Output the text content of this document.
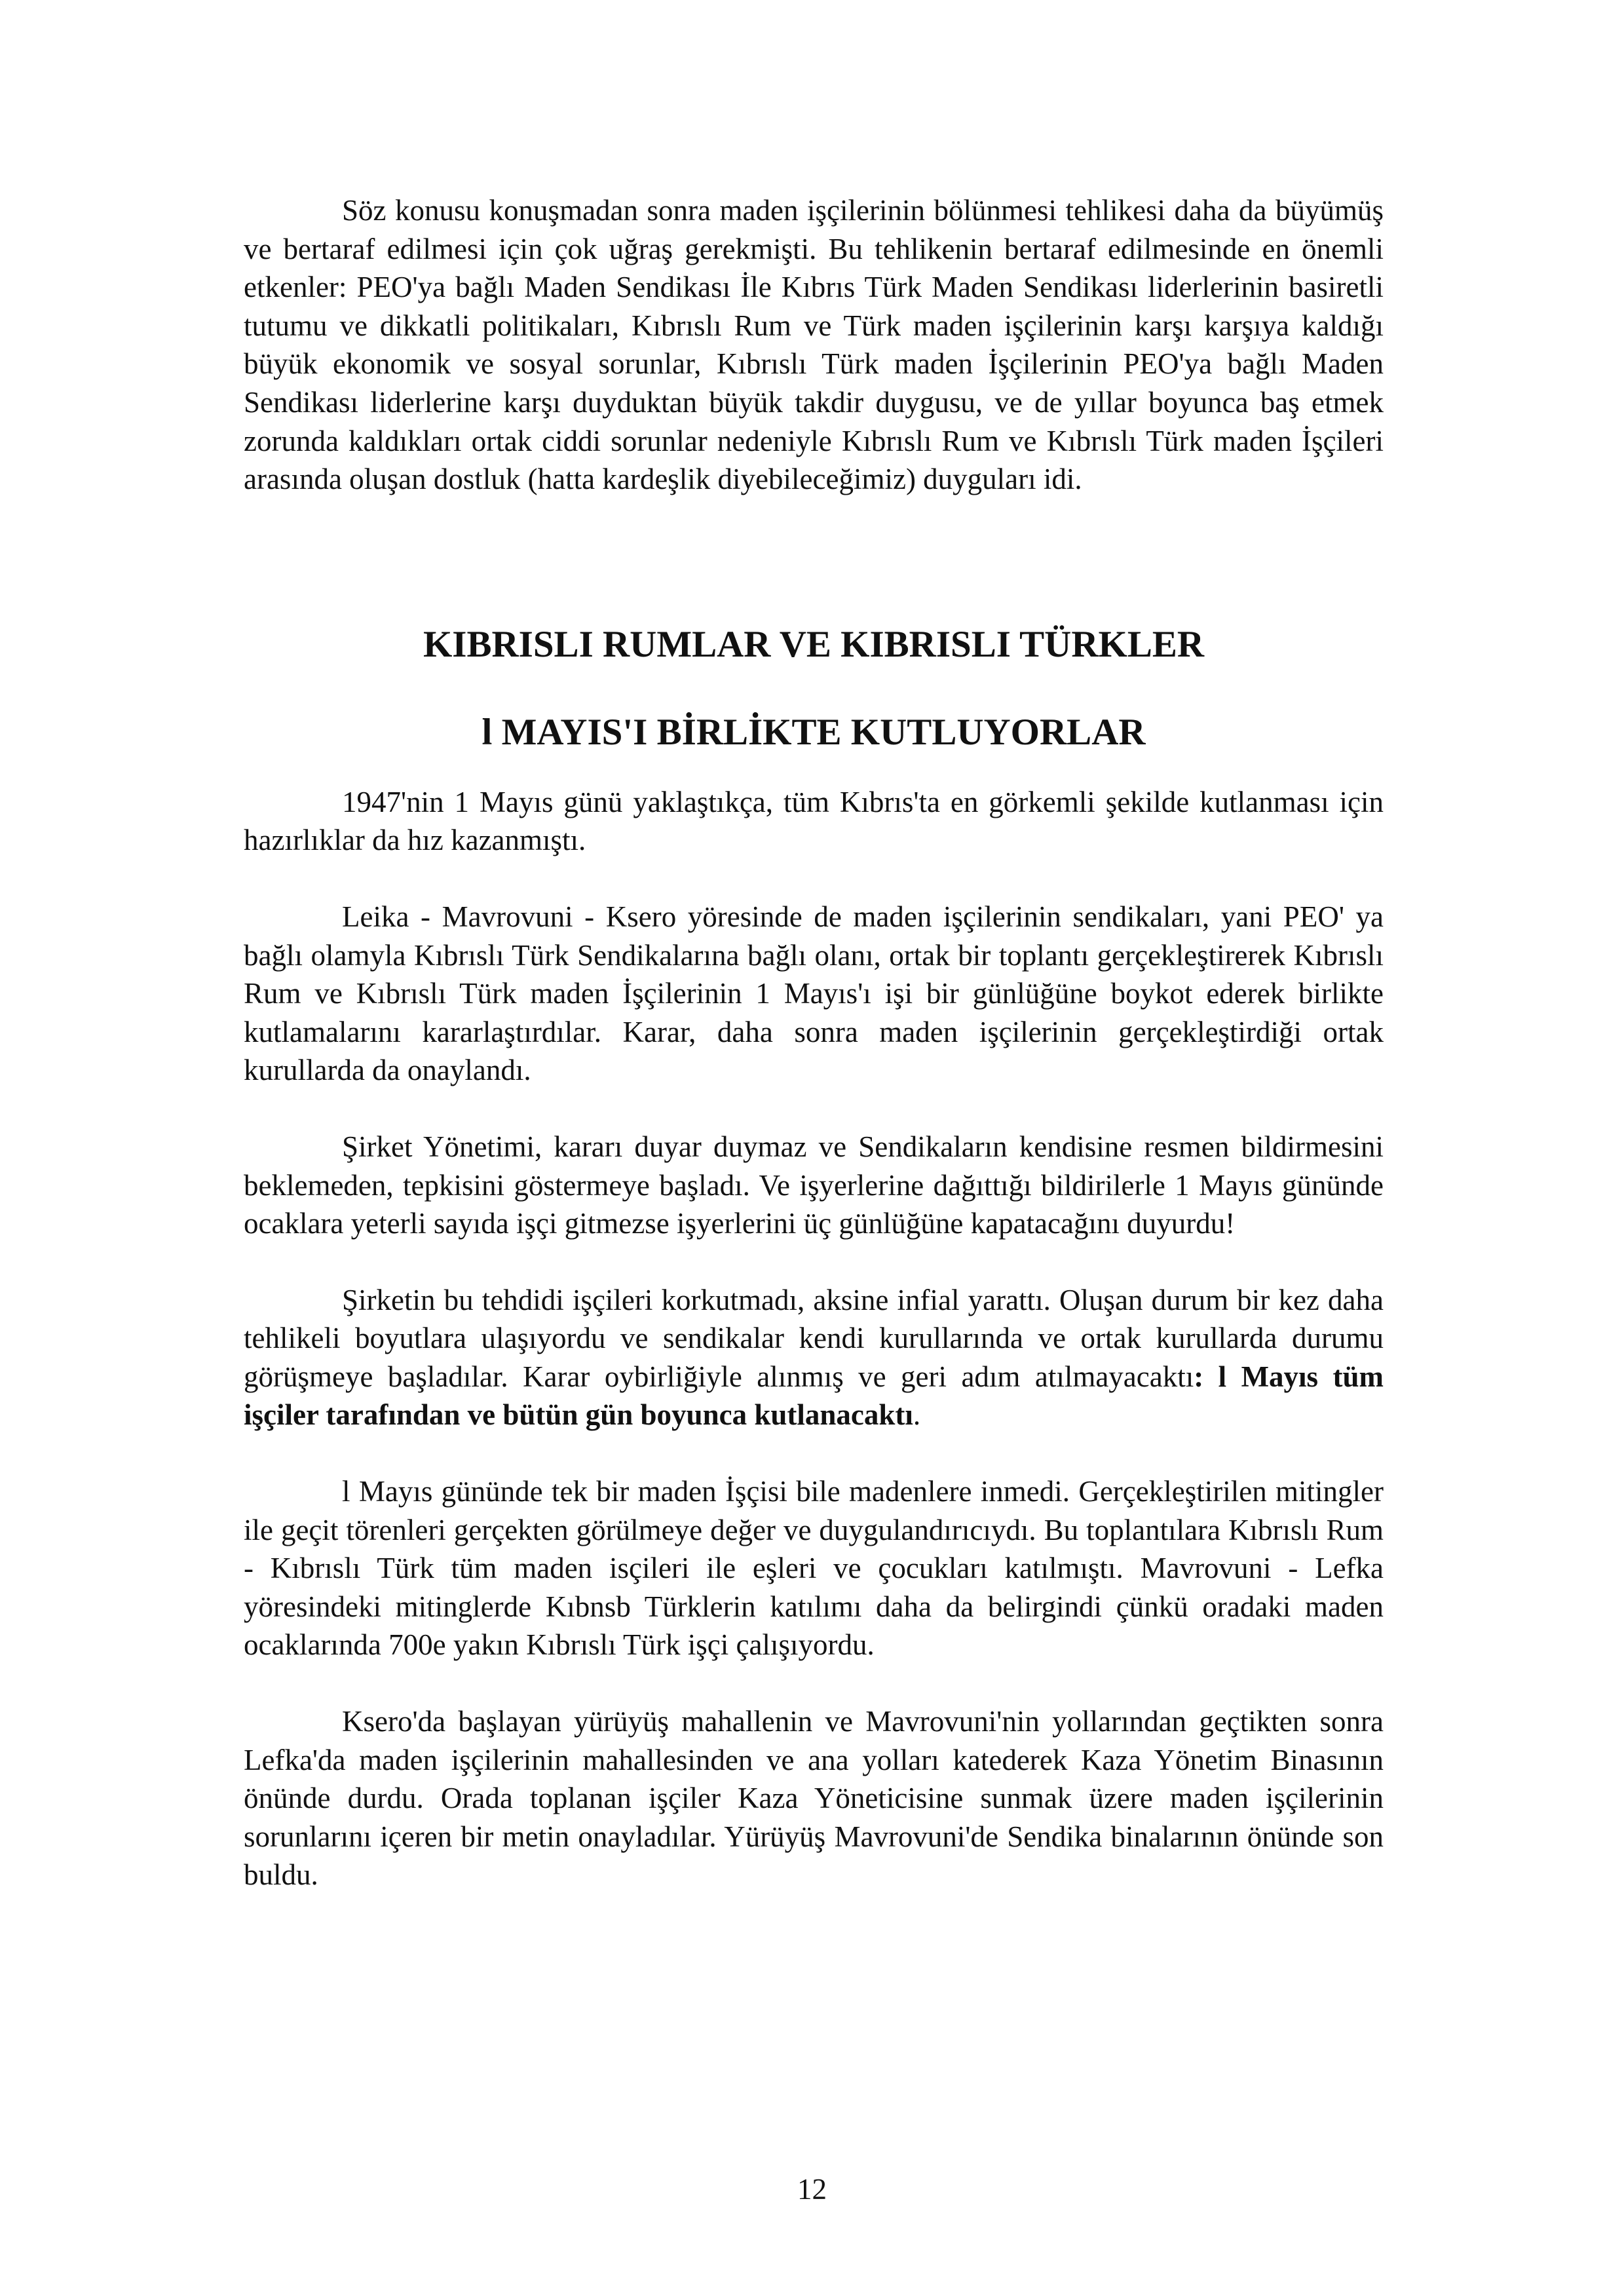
Söz konusu konuşmadan sonra maden işçilerinin bölünmesi tehlikesi daha da büyümüş ve bertaraf edilmesi için çok uğraş gerekmişti. Bu tehlikenin bertaraf edilmesinde en önemli etkenler: PEO'ya bağlı Maden Sendikası İle Kıbrıs Türk Maden Sendikası liderlerinin basiretli tutumu ve dikkatli politikaları, Kıbrıslı Rum ve Türk maden işçilerinin karşı karşıya kaldığı büyük ekonomik ve sosyal sorunlar, Kıbrıslı Türk maden İşçilerinin PEO'ya bağlı Maden Sendikası liderlerine karşı duyduktan büyük takdir duygusu, ve de yıllar boyunca baş etmek zorunda kaldıkları ortak ciddi sorunlar nedeniyle Kıbrıslı Rum ve Kıbrıslı Türk maden İşçileri arasında oluşan dostluk (hatta kardeşlik diyebileceğimiz) duyguları idi.

KIBRISLI RUMLAR VE KIBRISLI TÜRKLER
l MAYIS'I BİRLİKTE KUTLUYORLAR

1947'nin 1 Mayıs günü yaklaştıkça, tüm Kıbrıs'ta en görkemli şekilde kutlanması için hazırlıklar da hız kazanmıştı.

Leika - Mavrovuni - Ksero yöresinde de maden işçilerinin sendikaları, yani PEO' ya bağlı olamyla Kıbrıslı Türk Sendikalarına bağlı olanı, ortak bir toplantı gerçekleştirerek Kıbrıslı Rum ve Kıbrıslı Türk maden İşçilerinin 1 Mayıs'ı işi bir günlüğüne boykot ederek birlikte kutlamalarını kararlaştırdılar. Karar, daha sonra maden işçilerinin gerçekleştirdiği ortak kurullarda da onaylandı.

Şirket Yönetimi, kararı duyar duymaz ve Sendikaların kendisine resmen bildirmesini beklemeden, tepkisini göstermeye başladı. Ve işyerlerine dağıttığı bildirilerle 1 Mayıs gününde ocaklara yeterli sayıda işçi gitmezse işyerlerini üç günlüğüne kapatacağını duyurdu!

Şirketin bu tehdidi işçileri korkutmadı, aksine infial yarattı. Oluşan durum bir kez daha tehlikeli boyutlara ulaşıyordu ve sendikalar kendi kurullarında ve ortak kurullarda durumu görüşmeye başladılar. Karar oybirliğiyle alınmış ve geri adım atılmayacaktı: l Mayıs tüm işçiler tarafından ve bütün gün boyunca kutlanacaktı.

l Mayıs gününde tek bir maden İşçisi bile madenlere inmedi. Gerçekleştirilen mitingler ile geçit törenleri gerçekten görülmeye değer ve duygulandırıcıydı. Bu toplantılara Kıbrıslı Rum - Kıbrıslı Türk tüm maden isçileri ile eşleri ve çocukları katılmıştı. Mavrovuni - Lefka yöresindeki mitinglerde Kıbnsb Türklerin katılımı daha da belirgindi çünkü oradaki maden ocaklarında 700e yakın Kıbrıslı Türk işçi çalışıyordu.

Ksero'da başlayan yürüyüş mahallenin ve Mavrovuni'nin yollarından geçtikten sonra Lefka'da maden işçilerinin mahallesinden ve ana yolları katederek Kaza Yönetim Binasının önünde durdu. Orada toplanan işçiler Kaza Yöneticisine sunmak üzere maden işçilerinin sorunlarını içeren bir metin onayladılar. Yürüyüş Mavrovuni'de Sendika binalarının önünde son buldu.

12
